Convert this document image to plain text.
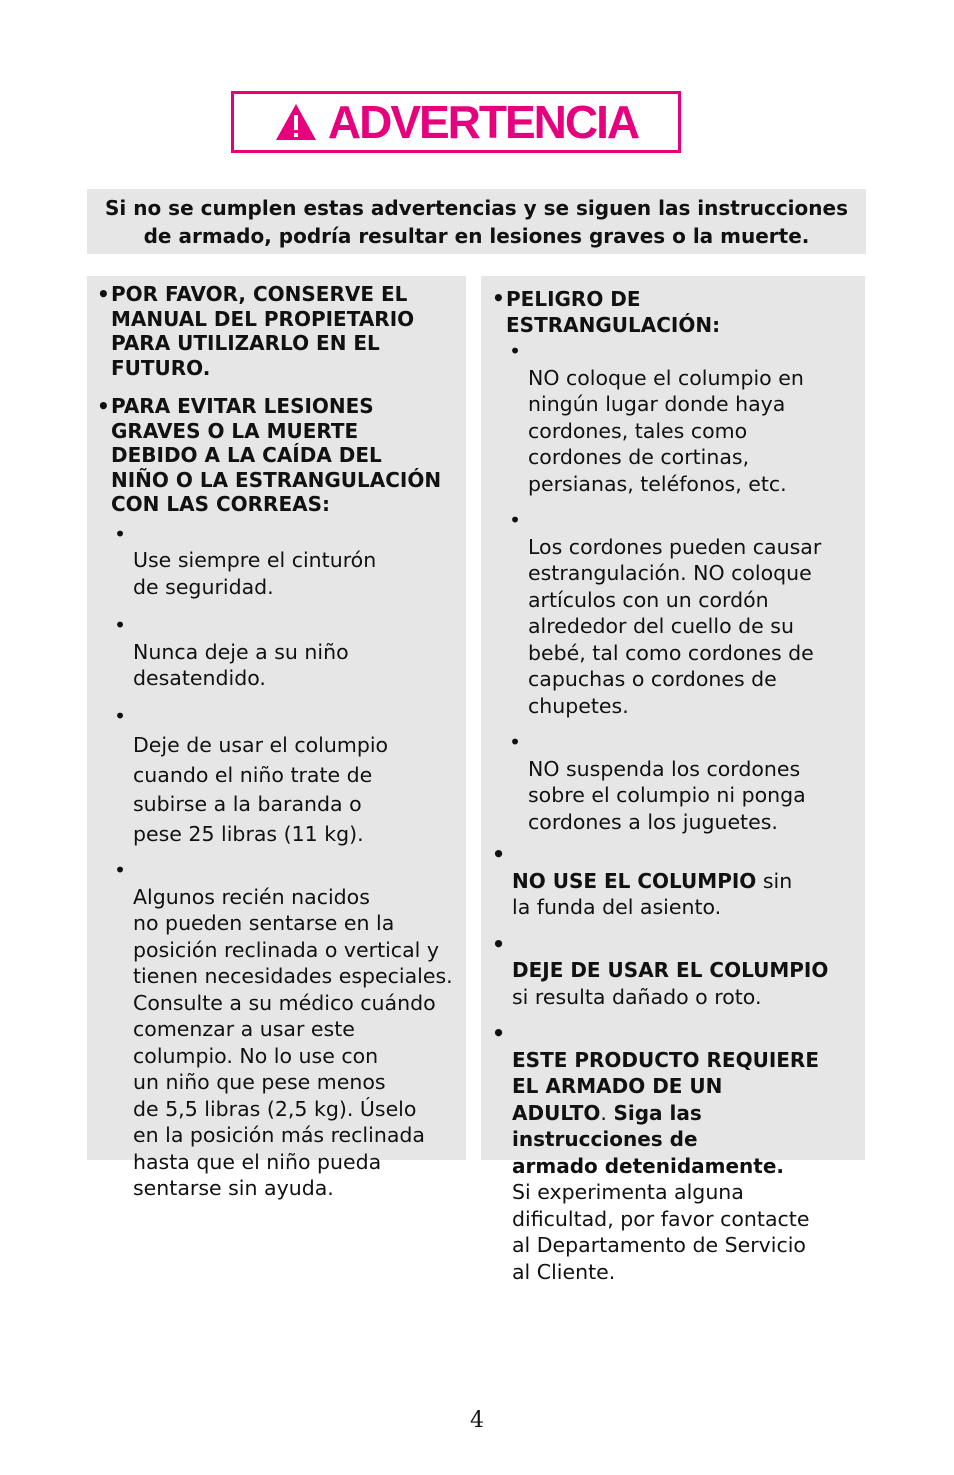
ADVERTENCIA
Si no se cumplen estas advertencias y se siguen las instrucciones de armado, podría resultar en lesiones graves o la muerte.
• POR FAVOR, CONSERVE EL
MANUAL DEL PROPIETARIO
PARA UTILIZARLO EN EL
FUTURO.
• PARA EVITAR LESIONES
GRAVES O LA MUERTE
DEBIDO A LA CAÍDA DEL
NIÑO O LA ESTRANGULACIÓN
CON LAS CORREAS:

•
Use siempre el cinturón
de seguridad.

•
Nunca deje a su niño
desatendido.

•
Deje de usar el columpio
cuando el niño trate de
subirse a la baranda o
pese 25 libras (11 kg).

•
Algunos recién nacidos
no pueden sentarse en la
posición reclinada o vertical y
tienen necesidades especiales.
Consulte a su médico cuándo
comenzar a usar este
columpio. No lo use con
un niño que pese menos
de 5,5 libras (2,5 kg). Úselo
en la posición más reclinada
hasta que el niño pueda
sentarse sin ayuda.

• PELIGRO DE
ESTRANGULACIÓN:

•
NO coloque el columpio en
ningún lugar donde haya
cordones, tales como
cordones de cortinas,
persianas, teléfonos, etc.

•
Los cordones pueden causar
estrangulación. NO coloque
artículos con un cordón
alrededor del cuello de su
bebé, tal como cordones de
capuchas o cordones de
chupetes.

•
NO suspenda los cordones
sobre el columpio ni ponga
cordones a los juguetes.

•
NO USE EL COLUMPIO sin
la funda del asiento.

•
DEJE DE USAR EL COLUMPIO
si resulta dañado o roto.

•
ESTE PRODUCTO REQUIERE
EL ARMADO DE UN
ADULTO. Siga las
instrucciones de
armado detenidamente.
Si experimenta alguna
dificultad, por favor contacte
al Departamento de Servicio
al Cliente.

4
